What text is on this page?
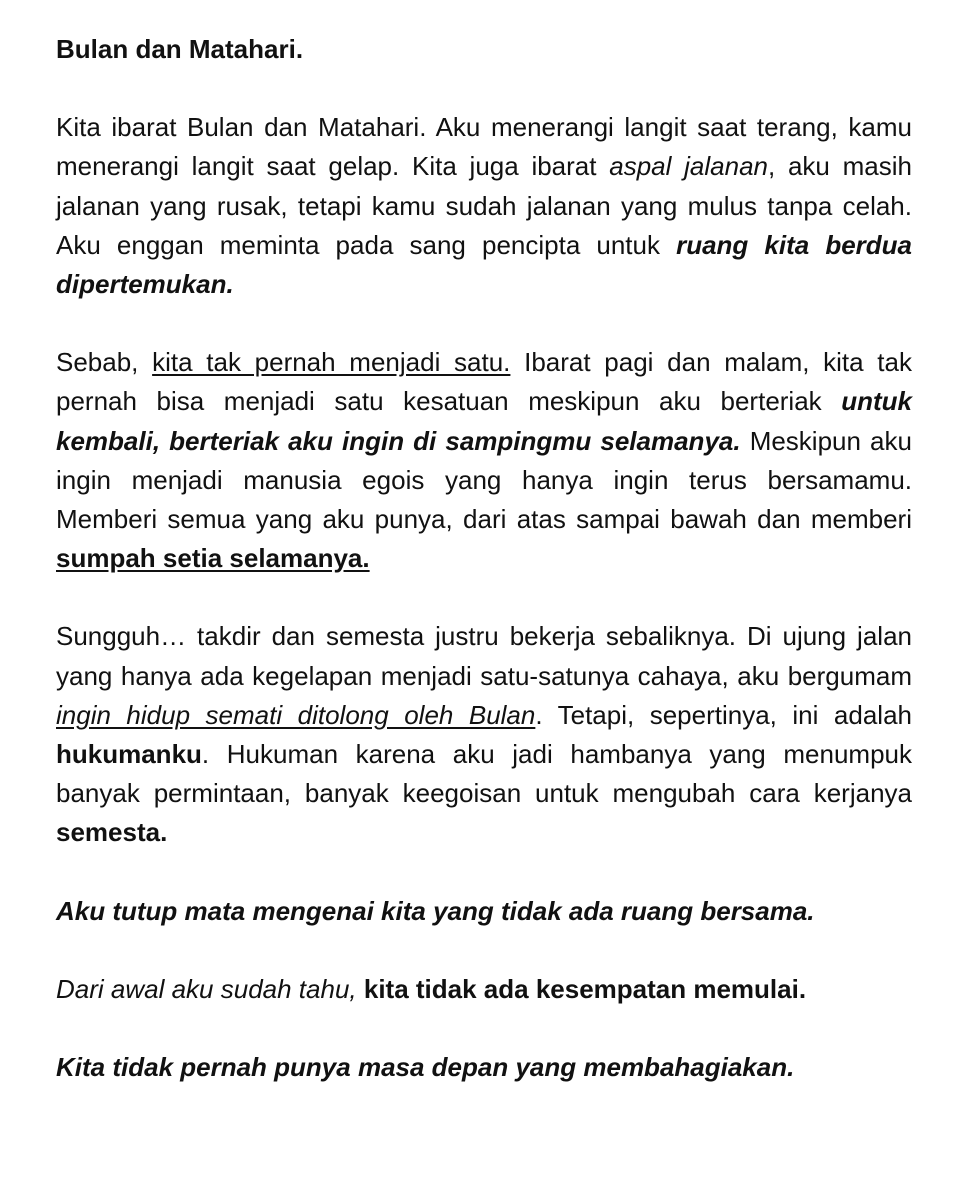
Bulan dan Matahari.

Kita ibarat Bulan dan Matahari. Aku menerangi langit saat terang, kamu menerangi langit saat gelap. Kita juga ibarat aspal jalanan, aku masih jalanan yang rusak, tetapi kamu sudah jalanan yang mulus tanpa celah. Aku enggan meminta pada sang pencipta untuk ruang kita berdua dipertemukan.

Sebab, kita tak pernah menjadi satu. Ibarat pagi dan malam, kita tak pernah bisa menjadi satu kesatuan meskipun aku berteriak untuk kembali, berteriak aku ingin di sampingmu selamanya. Meskipun aku ingin menjadi manusia egois yang hanya ingin terus bersamamu. Memberi semua yang aku punya, dari atas sampai bawah dan memberi sumpah setia selamanya.

Sungguh… takdir dan semesta justru bekerja sebaliknya. Di ujung jalan yang hanya ada kegelapan menjadi satu-satunya cahaya, aku bergumam ingin hidup semati ditolong oleh Bulan. Tetapi, sepertinya, ini adalah hukumanku. Hukuman karena aku jadi hambanya yang menumpuk banyak permintaan, banyak keegoisan untuk mengubah cara kerjanya semesta.

Aku tutup mata mengenai kita yang tidak ada ruang bersama.

Dari awal aku sudah tahu, kita tidak ada kesempatan memulai.

Kita tidak pernah punya masa depan yang membahagiakan.
